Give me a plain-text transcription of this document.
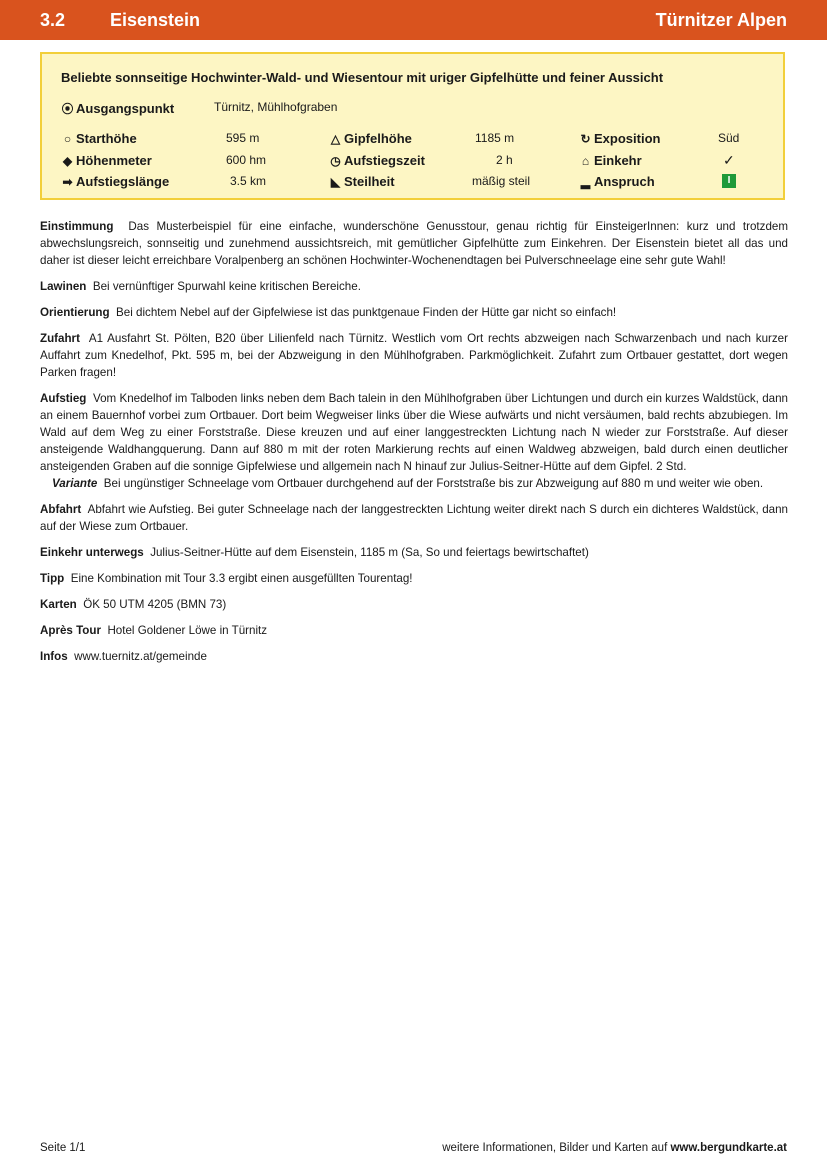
3.2 Eisenstein	Türnitzer Alpen
Beliebte sonnseitige Hochwinter-Wald- und Wiesentour mit uriger Gipfelhütte und feiner Aussicht
⦿ Ausgangspunkt	Türnitz, Mühlhofgraben
○ Starthöhe	595 m
◆ Höhenmeter	600 hm
➡ Aufstiegslänge	3.5 km
△ Gipfelhöhe	1185 m
◷ Aufstiegszeit	2 h
◣ Steilheit	mäßig steil
↻ Exposition	Süd
⌂ Einkehr	✓
▂ Anspruch	I

Einstimmung Das Musterbeispiel für eine einfache, wunderschöne Genusstour, genau richtig für EinsteigerInnen: kurz und trotzdem abwechslungsreich, sonnseitig und zunehmend aussichtsreich, mit gemütlicher Gipfelhütte zum Einkehren. Der Eisenstein bietet all das und daher ist dieser leicht erreichbare Voralpenberg an schönen Hochwinter-Wochenendtagen bei Pulverschneelage eine sehr gute Wahl!

Lawinen Bei vernünftiger Spurwahl keine kritischen Bereiche.

Orientierung Bei dichtem Nebel auf der Gipfelwiese ist das punktgenaue Finden der Hütte gar nicht so einfach!

Zufahrt A1 Ausfahrt St. Pölten, B20 über Lilienfeld nach Türnitz. Westlich vom Ort rechts abzweigen nach Schwarzenbach und nach kurzer Auffahrt zum Knedelhof, Pkt. 595 m, bei der Abzweigung in den Mühlhofgraben. Parkmöglichkeit. Zufahrt zum Ortbauer gestattet, dort wegen Parken fragen!

Aufstieg Vom Knedelhof im Talboden links neben dem Bach talein in den Mühlhofgraben über Lichtungen und durch ein kurzes Waldstück, dann an einem Bauernhof vorbei zum Ortbauer. Dort beim Wegweiser links über die Wiese aufwärts und nicht versäumen, bald rechts abzubiegen. Im Wald auf dem Weg zu einer Forststraße. Diese kreuzen und auf einer langgestreckten Lichtung nach N wieder zur Forststraße. Auf dieser ansteigende Waldhangquerung. Dann auf 880 m mit der roten Markierung rechts auf einen Waldweg abzweigen, bald durch einen deutlicher ansteigenden Graben auf die sonnige Gipfelwiese und allgemein nach N hinauf zur Julius-Seitner-Hütte auf dem Gipfel. 2 Std.

Variante Bei ungünstiger Schneelage vom Ortbauer durchgehend auf der Forststraße bis zur Abzweigung auf 880 m und weiter wie oben.

Abfahrt Abfahrt wie Aufstieg. Bei guter Schneelage nach der langgestreckten Lichtung weiter direkt nach S durch ein dichteres Waldstück, dann auf der Wiese zum Ortbauer.

Einkehr unterwegs Julius-Seitner-Hütte auf dem Eisenstein, 1185 m (Sa, So und feiertags bewirtschaftet)

Tipp Eine Kombination mit Tour 3.3 ergibt einen ausgefüllten Tourentag!

Karten ÖK 50 UTM 4205 (BMN 73)

Après Tour Hotel Goldener Löwe in Türnitz

Infos www.tuernitz.at/gemeinde

Seite 1/1	weitere Informationen, Bilder und Karten auf www.bergundkarte.at
